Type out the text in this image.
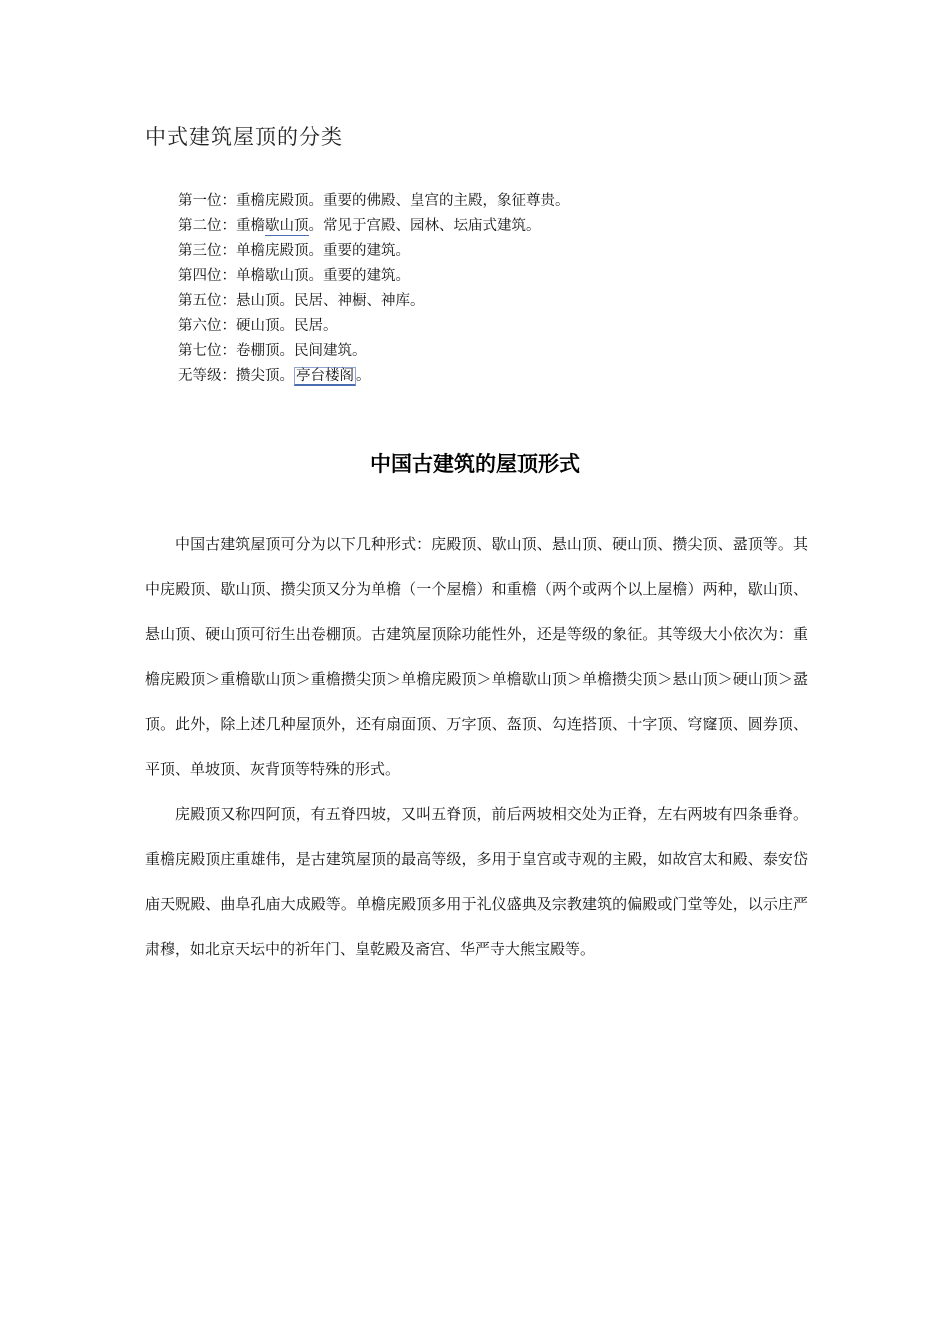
中式建筑屋顶的分类
第一位：重檐庑殿顶。重要的佛殿、皇宫的主殿，象征尊贵。
第二位：重檐歇山顶。常见于宫殿、园林、坛庙式建筑。
第三位：单檐庑殿顶。重要的建筑。
第四位：单檐歇山顶。重要的建筑。
第五位：悬山顶。民居、神橱、神库。
第六位：硬山顶。民居。
第七位：卷棚顶。民间建筑。
无等级：攒尖顶。 亭台楼阁 。
中国古建筑的屋顶形式

中国古建筑屋顶可分为以下几种形式：庑殿顶、歇山顶、悬山顶、硬山顶、攒尖顶、盝顶等。其中庑殿顶、歇山顶、攒尖顶又分为单檐（一个屋檐）和重檐（两个或两个以上屋檐）两种，歇山顶、悬山顶、硬山顶可衍生出卷棚顶。古建筑屋顶除功能性外，还是等级的象征。其等级大小依次为：重檐庑殿顶＞重檐歇山顶＞重檐攒尖顶＞单檐庑殿顶＞单檐歇山顶＞单檐攒尖顶＞悬山顶＞硬山顶＞盝顶。此外，除上述几种屋顶外，还有扇面顶、万字顶、盔顶、勾连搭顶、十字顶、穹窿顶、圆券顶、平顶、单坡顶、灰背顶等特殊的形式。

庑殿顶又称四阿顶，有五脊四坡，又叫五脊顶，前后两坡相交处为正脊，左右两坡有四条垂脊。重檐庑殿顶庄重雄伟，是古建筑屋顶的最高等级，多用于皇宫或寺观的主殿，如故宫太和殿、泰安岱庙天贶殿、曲阜孔庙大成殿等。单檐庑殿顶多用于礼仪盛典及宗教建筑的偏殿或门堂等处，以示庄严肃穆，如北京天坛中的祈年门、皇乾殿及斋宫、华严寺大熊宝殿等。
